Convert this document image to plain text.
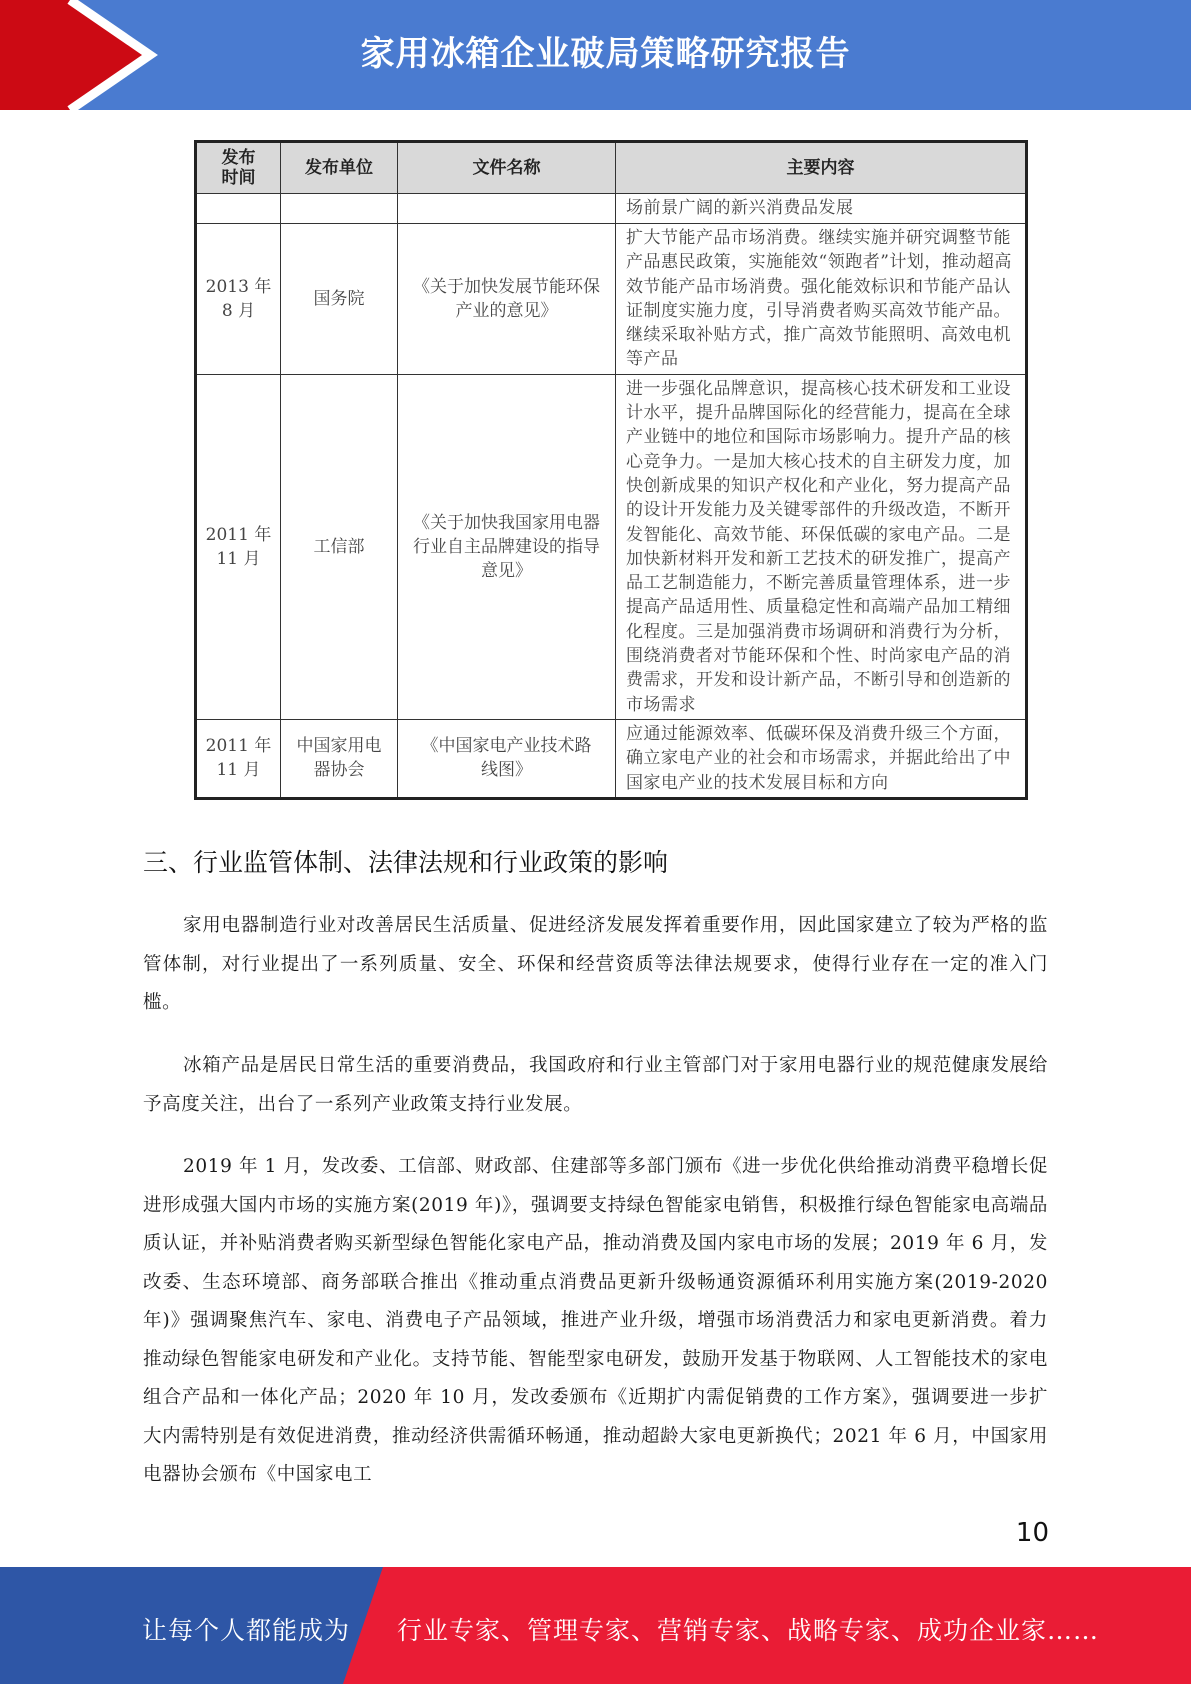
家用冰箱企业破局策略研究报告
发布
时间	发布单位	文件名称	主要内容
			场前景广阔的新兴消费品发展
2013 年
8 月	国务院	《关于加快发展节能环保产业的意见》	扩大节能产品市场消费。继续实施并研究调整节能产品惠民政策，实施能效“领跑者”计划，推动超高效节能产品市场消费。强化能效标识和节能产品认证制度实施力度，引导消费者购买高效节能产品。继续采取补贴方式，推广高效节能照明、高效电机等产品
2011 年
11 月	工信部	《关于加快我国家用电器行业自主品牌建设的指导意见》	进一步强化品牌意识，提高核心技术研发和工业设计水平，提升品牌国际化的经营能力，提高在全球产业链中的地位和国际市场影响力。提升产品的核心竞争力。一是加大核心技术的自主研发力度，加快创新成果的知识产权化和产业化，努力提高产品的设计开发能力及关键零部件的升级改造，不断开发智能化、高效节能、环保低碳的家电产品。二是加快新材料开发和新工艺技术的研发推广，提高产品工艺制造能力，不断完善质量管理体系，进一步提高产品适用性、质量稳定性和高端产品加工精细化程度。三是加强消费市场调研和消费行为分析，围绕消费者对节能环保和个性、时尚家电产品的消费需求，开发和设计新产品，不断引导和创造新的市场需求
2011 年
11 月	中国家用电器协会	《中国家电产业技术路线图》	应通过能源效率、低碳环保及消费升级三个方面，确立家电产业的社会和市场需求，并据此给出了中国家电产业的技术发展目标和方向
三、行业监管体制、法律法规和行业政策的影响

家用电器制造行业对改善居民生活质量、促进经济发展发挥着重要作用，因此国家建立了较为严格的监管体制，对行业提出了一系列质量、安全、环保和经营资质等法律法规要求，使得行业存在一定的准入门槛。

冰箱产品是居民日常生活的重要消费品，我国政府和行业主管部门对于家用电器行业的规范健康发展给予高度关注，出台了一系列产业政策支持行业发展。

2019 年 1 月，发改委、工信部、财政部、住建部等多部门颁布《进一步优化供给推动消费平稳增长促进形成强大国内市场的实施方案(2019 年)》，强调要支持绿色智能家电销售，积极推行绿色智能家电高端品质认证，并补贴消费者购买新型绿色智能化家电产品，推动消费及国内家电市场的发展；2019 年 6 月，发改委、生态环境部、商务部联合推出《推动重点消费品更新升级畅通资源循环利用实施方案(2019-2020 年)》强调聚焦汽车、家电、消费电子产品领域，推进产业升级，增强市场消费活力和家电更新消费。着力推动绿色智能家电研发和产业化。支持节能、智能型家电研发，鼓励开发基于物联网、人工智能技术的家电组合产品和一体化产品；2020 年 10 月，发改委颁布《近期扩内需促销费的工作方案》，强调要进一步扩大内需特别是有效促进消费，推动经济供需循环畅通，推动超龄大家电更新换代；2021 年 6 月，中国家用电器协会颁布《中国家电工

10
让每个人都能成为 行业专家、管理专家、营销专家、战略专家、成功企业家……
